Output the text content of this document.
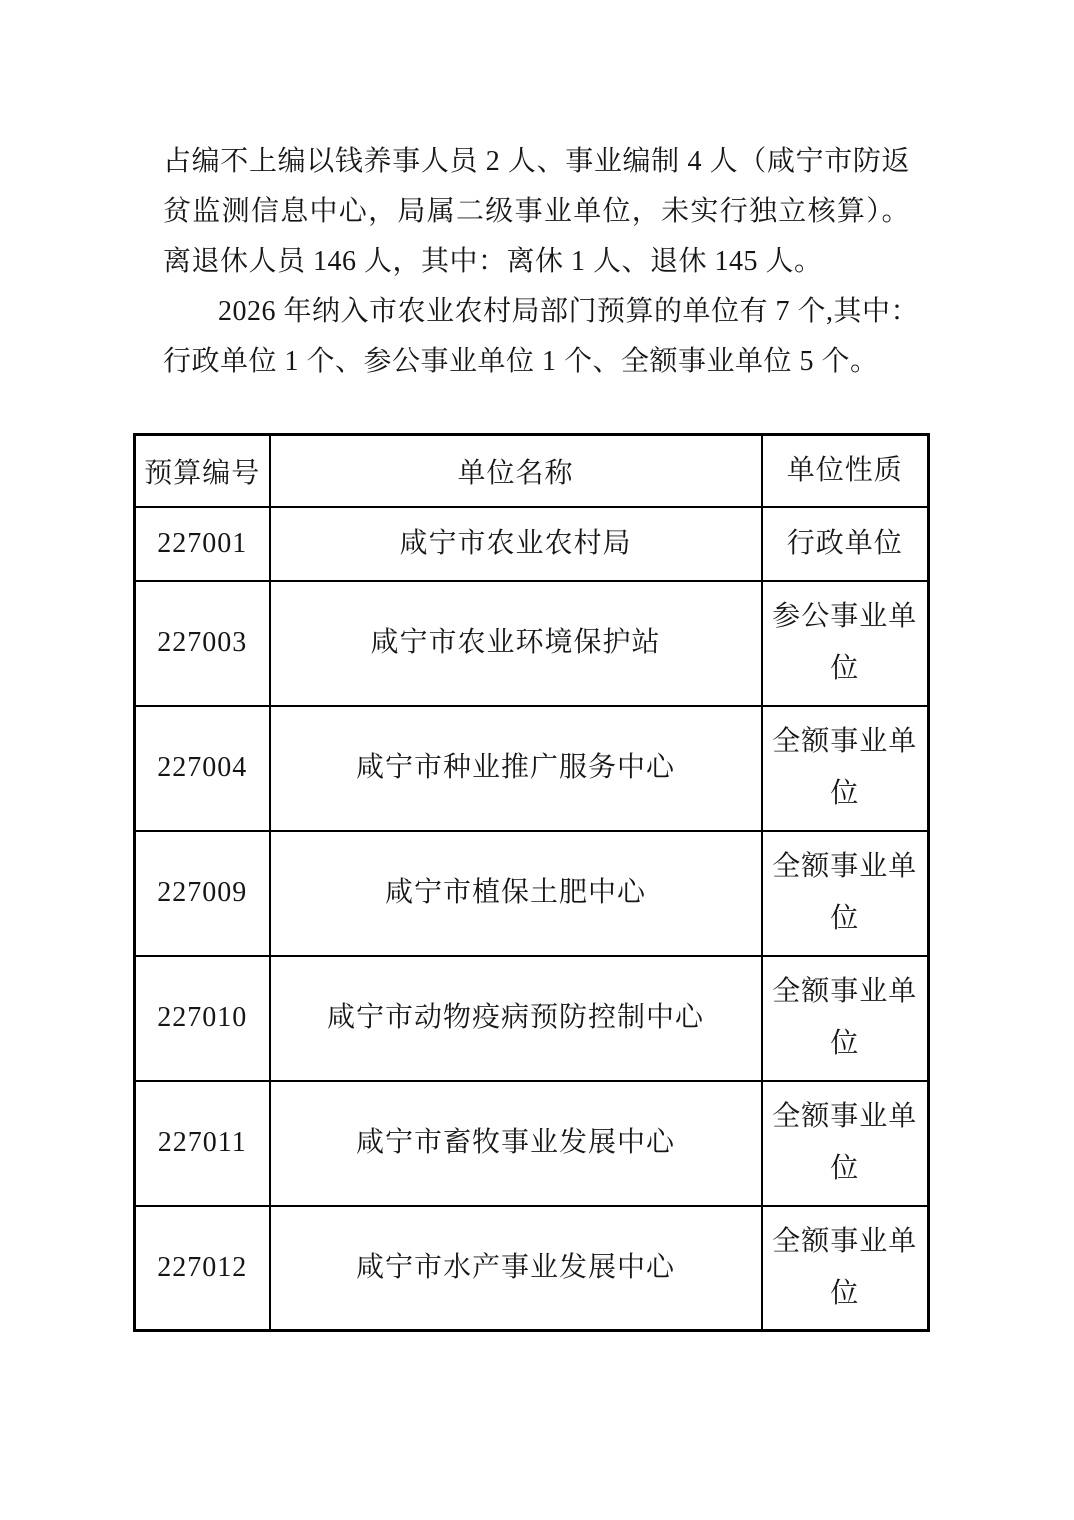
占编不上编以钱养事人员 2 人、事业编制 4 人（咸宁市防返
贫监测信息中心，局属二级事业单位，未实行独立核算）。
离退休人员 146 人，其中：离休 1 人、退休 145 人。
2026 年纳入市农业农村局部门预算的单位有 7 个,其中：
行政单位 1 个、参公事业单位 1 个、全额事业单位 5 个。
预算编号	单位名称	单位性质
227001	咸宁市农业农村局	行政单位
227003	咸宁市农业环境保护站	参公事业单位
227004	咸宁市种业推广服务中心	全额事业单位
227009	咸宁市植保土肥中心	全额事业单位
227010	咸宁市动物疫病预防控制中心	全额事业单位
227011	咸宁市畜牧事业发展中心	全额事业单位
227012	咸宁市水产事业发展中心	全额事业单位
